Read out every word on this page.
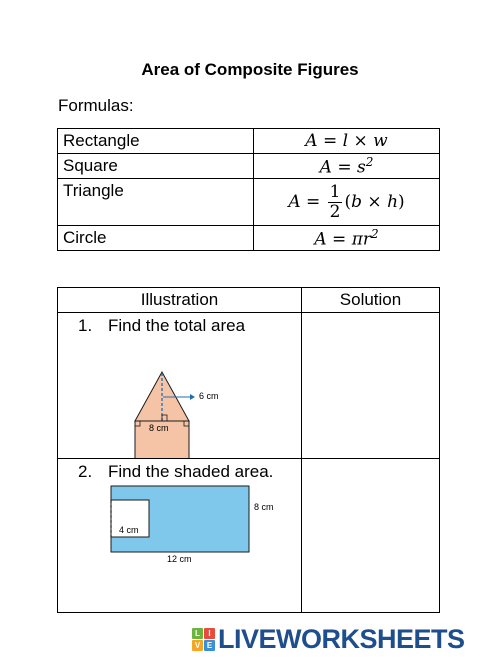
Area of Composite Figures
Formulas:
Rectangle	A = l × w
Square	$A = s^2$
Triangle	$A = \frac{1}{2} (b \times h)$
Circle	$A = \pi r^2$
Illustration	Solution

1. Find the total area
6 cm
8 cm	

2. Find the shaded area.
8 cm
4 cm
12 cm	

L	I
V E LIVEWORKSHEETS
